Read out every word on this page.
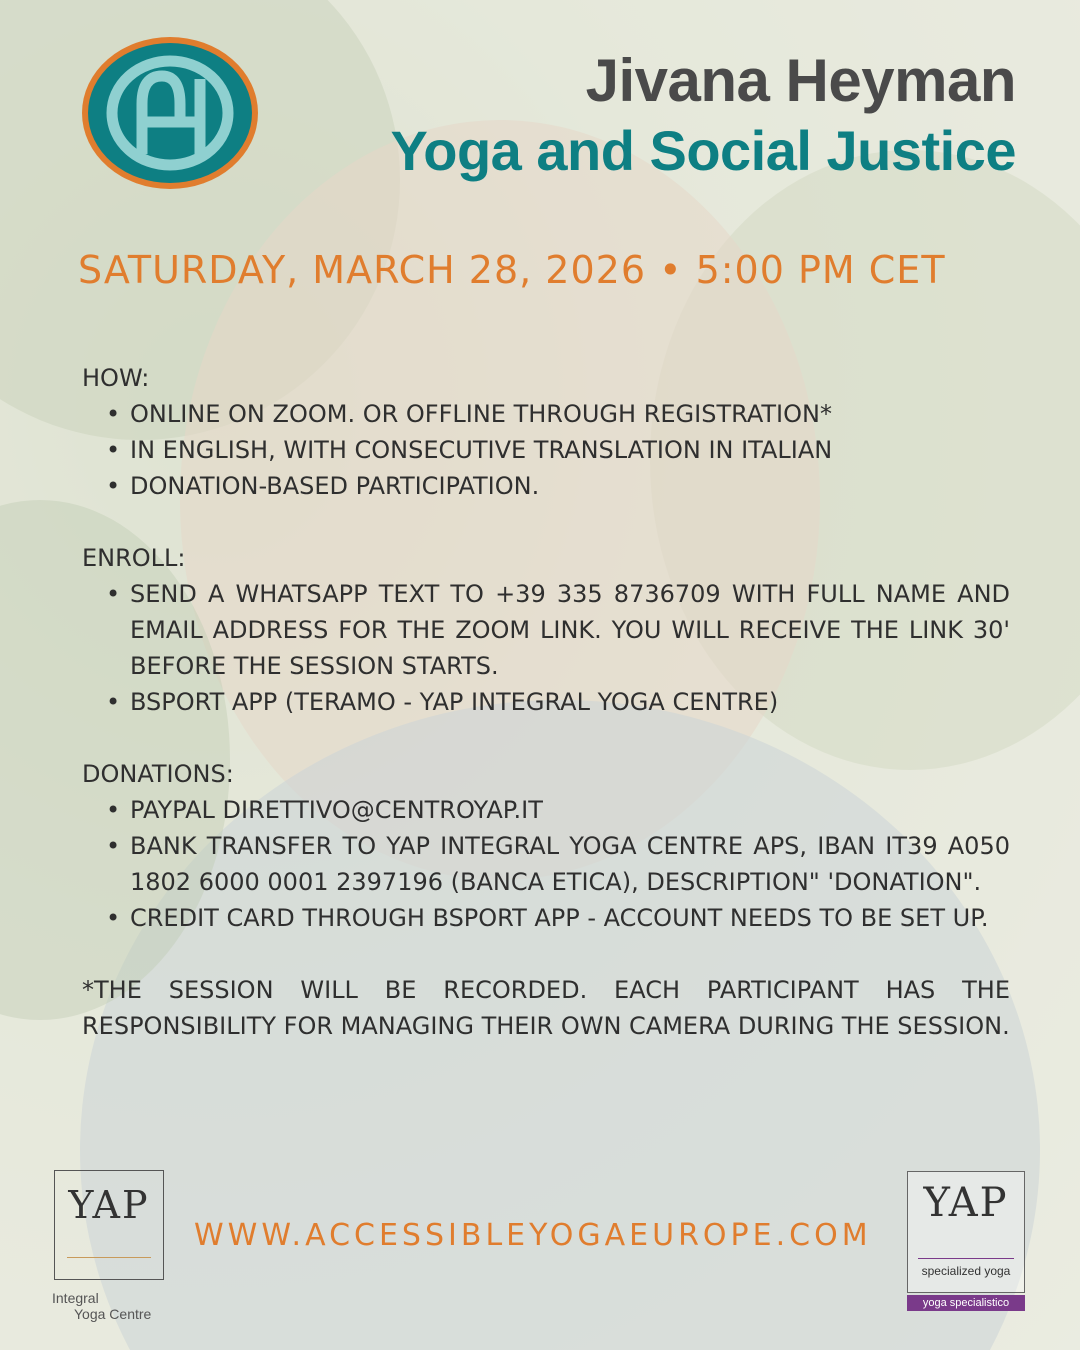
Jivana Heyman
Yoga and Social Justice
SATURDAY, MARCH 28, 2026 • 5:00 PM CET
HOW:
• ONLINE ON ZOOM. OR OFFLINE THROUGH REGISTRATION*
• IN ENGLISH, WITH CONSECUTIVE TRANSLATION IN ITALIAN
• DONATION-BASED PARTICIPATION.
ENROLL:
• SEND A WHATSAPP TEXT TO +39 335 8736709 WITH FULL NAME AND EMAIL ADDRESS FOR THE ZOOM LINK. YOU WILL RECEIVE THE LINK 30' BEFORE THE SESSION STARTS.
• BSPORT APP (TERAMO - YAP INTEGRAL YOGA CENTRE)
DONATIONS:
• PAYPAL DIRETTIVO@CENTROYAP.IT
• BANK TRANSFER TO YAP INTEGRAL YOGA CENTRE APS, IBAN IT39 A050 1802 6000 0001 2397196 (BANCA ETICA), DESCRIPTION" 'DONATION".
• CREDIT CARD THROUGH BSPORT APP - ACCOUNT NEEDS TO BE SET UP.
*THE SESSION WILL BE RECORDED. EACH PARTICIPANT HAS THE RESPONSIBILITY FOR MANAGING THEIR OWN CAMERA DURING THE SESSION.
YAP
Integral
Yoga Centre
WWW.ACCESSIBLEYOGAEUROPE.COM
YAP
specialized yoga
yoga specialistico
